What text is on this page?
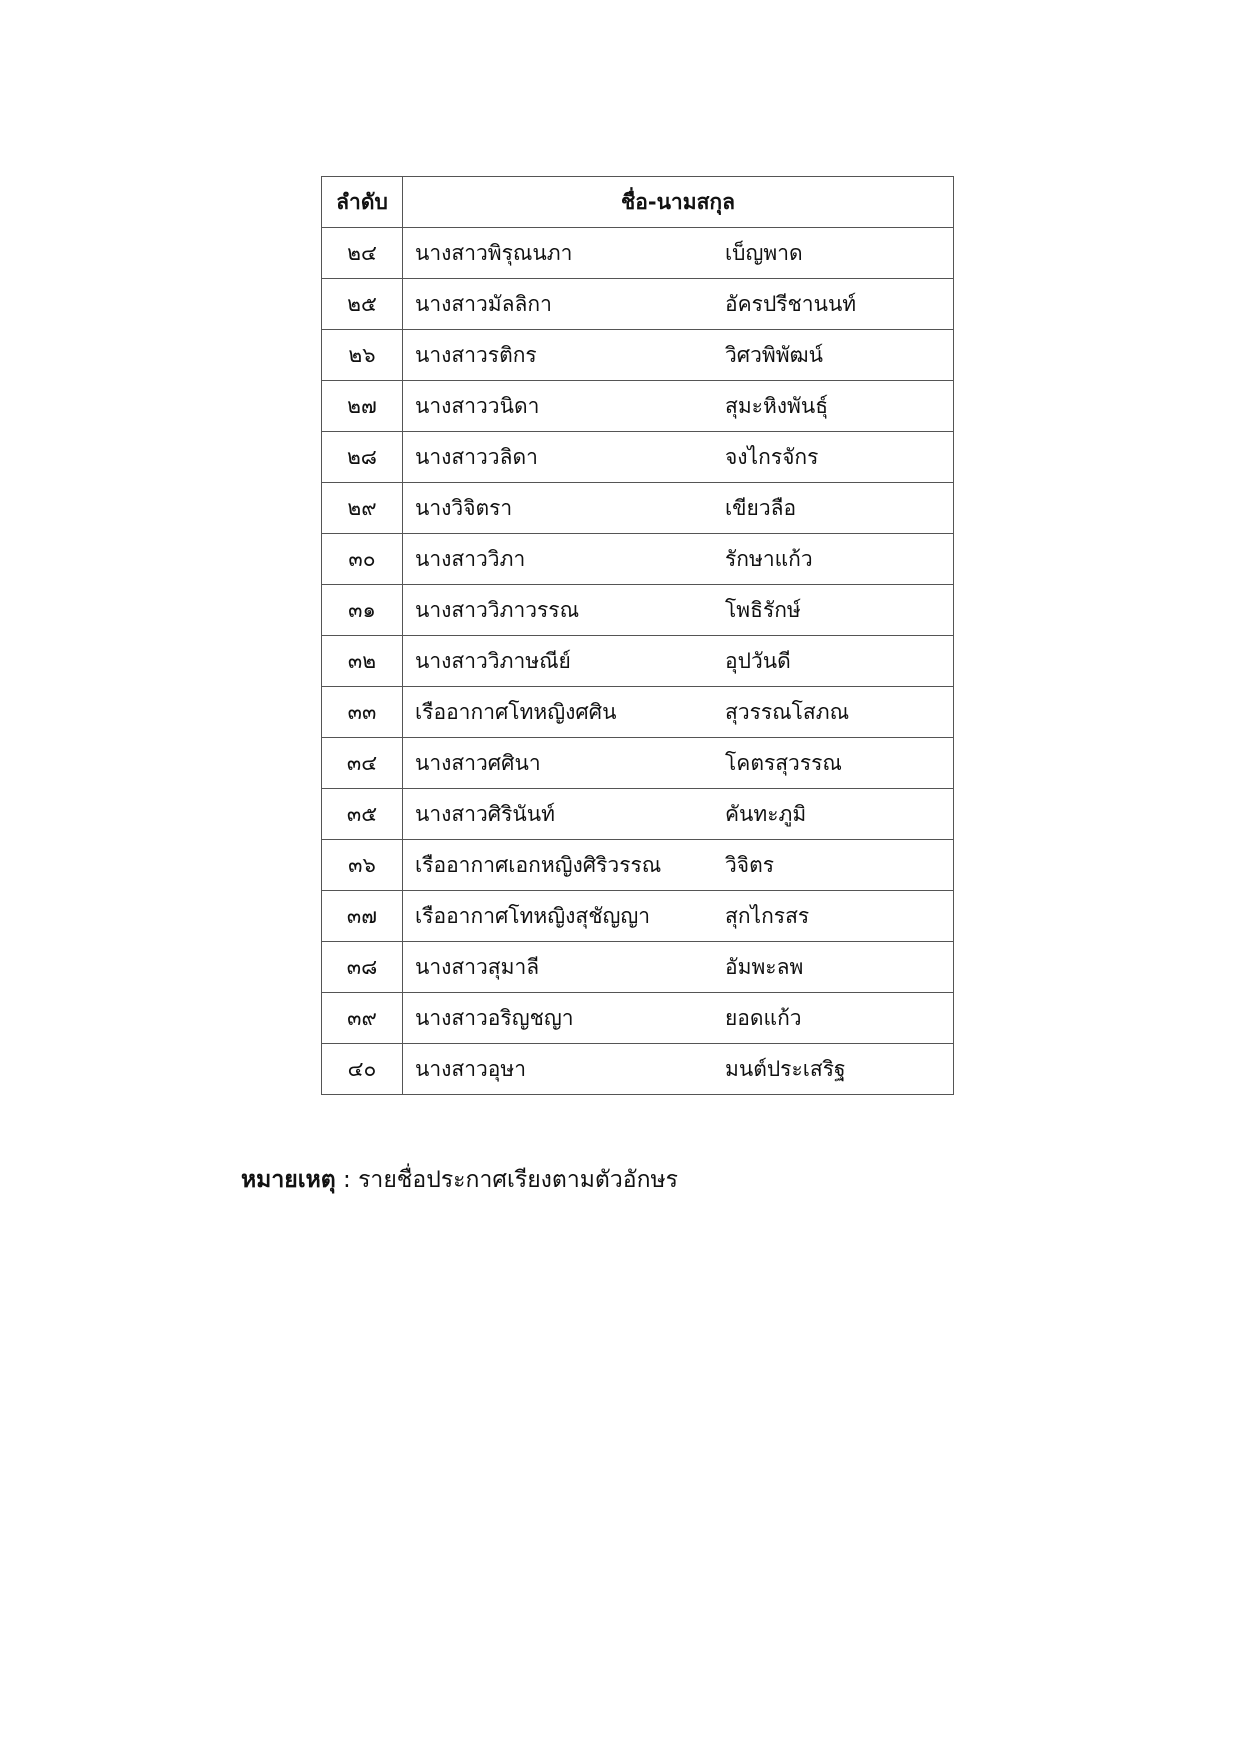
ลำดับ	ชื่อ-นามสกุล
๒๔	นางสาวพิรุณนภา เบ็ญพาด

๒๕	นางสาวมัลลิกา อัครปรีชานนท์

๒๖	นางสาวรติกร วิศวพิพัฒน์

๒๗	นางสาววนิดา สุมะหิงพันธุ์

๒๘	นางสาววลิดา จงไกรจักร

๒๙	นางวิจิตรา เขียวลือ

๓๐	นางสาววิภา รักษาแก้ว

๓๑	นางสาววิภาวรรณ โพธิรักษ์

๓๒	นางสาววิภาษณีย์ อุปวันดี

๓๓	เรืออากาศโทหญิงศศิน สุวรรณโสภณ

๓๔	นางสาวศศินา โคตรสุวรรณ

๓๕	นางสาวศิรินันท์ คันทะภูมิ

๓๖	เรืออากาศเอกหญิงศิริวรรณ วิจิตร

๓๗	เรืออากาศโทหญิงสุชัญญา สุกไกรสร

๓๘	นางสาวสุมาลี อัมพะลพ

๓๙	นางสาวอริญชญา ยอดแก้ว

๔๐	นางสาวอุษา มนต์ประเสริฐ
หมายเหตุ : รายชื่อประกาศเรียงตามตัวอักษร
